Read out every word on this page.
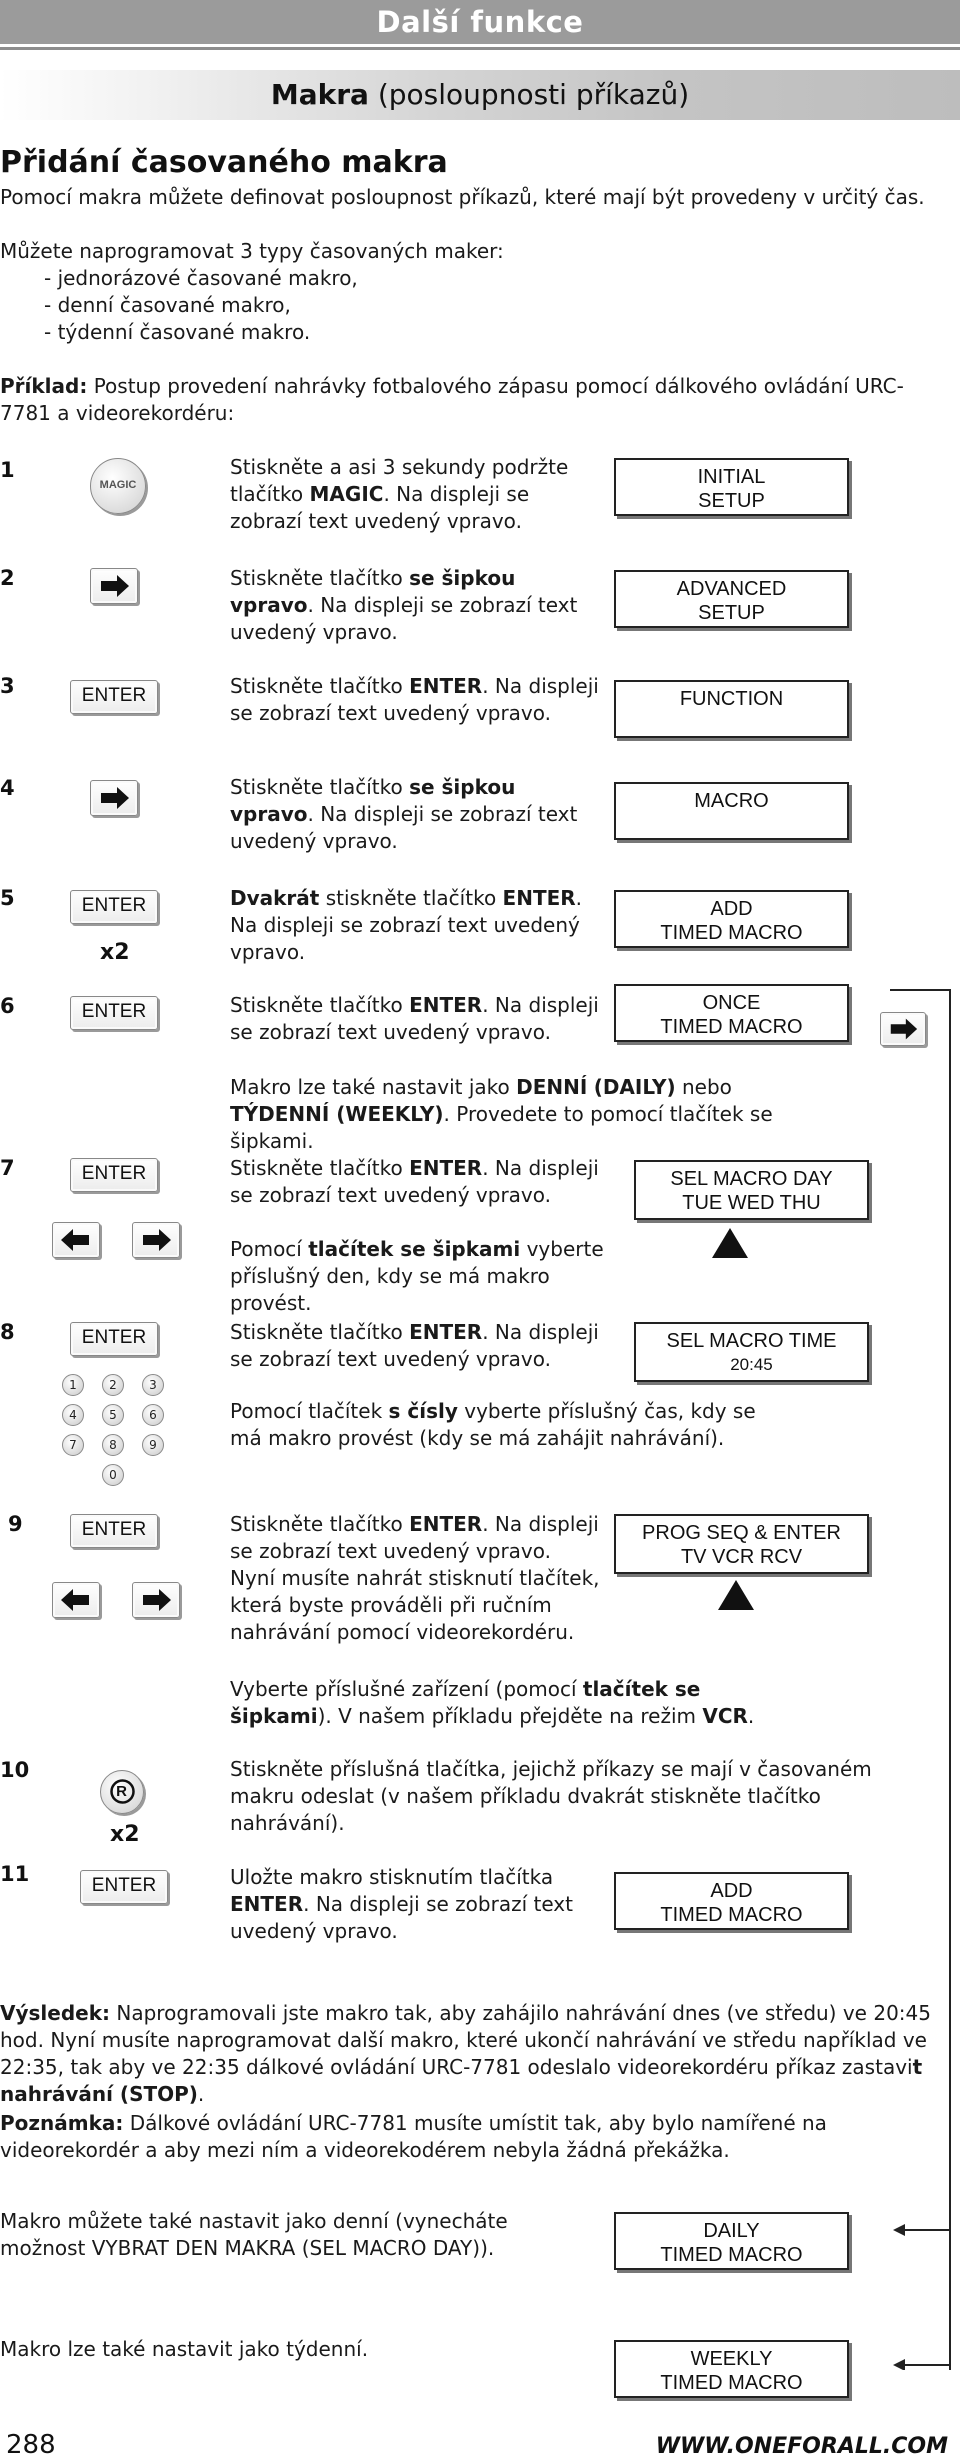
Další funkce
Makra (posloupnosti příkazů)
Přidání časovaného makra
Pomocí makra můžete definovat posloupnost příkazů, které mají být provedeny v určitý čas.
Můžete naprogramovat 3 typy časovaných maker:
- jednorázové časované makro,
- denní časované makro,
- týdenní časované makro.
Příklad: Postup provedení nahrávky fotbalového zápasu pomocí dálkového ovládání URC-7781 a videorekordéru:
1
MAGIC
Stiskněte a asi 3 sekundy podržte tlačítko MAGIC. Na displeji se zobrazí text uvedený vpravo.
INITIAL
SETUP
2	Stiskněte tlačítko se šipkou vpravo. Na displeji se zobrazí text uvedený vpravo.
ADVANCED
SETUP
3	ENTER	Stiskněte tlačítko ENTER. Na displeji se zobrazí text uvedený vpravo.
FUNCTION
4	Stiskněte tlačítko se šipkou vpravo. Na displeji se zobrazí text uvedený vpravo.
MACRO
5	ENTER
x2
Dvakrát stiskněte tlačítko ENTER. Na displeji se zobrazí text uvedený vpravo.
ADD
TIMED MACRO
6	ENTER	Stiskněte tlačítko ENTER. Na displeji se zobrazí text uvedený vpravo.
ONCE
TIMED MACRO
Makro lze také nastavit jako DENNÍ (DAILY) nebo TÝDENNÍ (WEEKLY). Provedete to pomocí tlačítek se šipkami.
7	ENTER	Stiskněte tlačítko ENTER. Na displeji se zobrazí text uvedený vpravo.
SEL MACRO DAY
TUE WED THU
Pomocí tlačítek se šipkami vyberte příslušný den, kdy se má makro provést.
8	ENTER	Stiskněte tlačítko ENTER. Na displeji se zobrazí text uvedený vpravo.
SEL MACRO TIME
20:45
1	2	3
4	5	6
7	8	9
0
Pomocí tlačítek s čísly vyberte příslušný čas, kdy se má makro provést (kdy se má zahájit nahrávání).
9	ENTER	Stiskněte tlačítko ENTER. Na displeji se zobrazí text uvedený vpravo. Nyní musíte nahrát stisknutí tlačítek, která byste prováděli při ručním nahrávání pomocí videorekordéru.
PROG SEQ & ENTER
TV VCR RCV
Vyberte příslušné zařízení (pomocí tlačítek se šipkami). V našem příkladu přejděte na režim VCR.
10
R
x2
Stiskněte příslušná tlačítka, jejichž příkazy se mají v časovaném makru odeslat (v našem příkladu dvakrát stiskněte tlačítko nahrávání).
11	ENTER	Uložte makro stisknutím tlačítka ENTER. Na displeji se zobrazí text uvedený vpravo.
ADD
TIMED MACRO
Výsledek: Naprogramovali jste makro tak, aby zahájilo nahrávání dnes (ve středu) ve 20:45 hod. Nyní musíte naprogramovat další makro, které ukončí nahrávání ve středu například ve 22:35, tak aby ve 22:35 dálkové ovládání URC-7781 odeslalo videorekordéru příkaz zastavit nahrávání (STOP).
Poznámka: Dálkové ovládání URC-7781 musíte umístit tak, aby bylo namířené na videorekordér a aby mezi ním a videorekodérem nebyla žádná překážka.
Makro můžete také nastavit jako denní (vynecháte možnost VYBRAT DEN MAKRA (SEL MACRO DAY)).
DAILY
TIMED MACRO
Makro lze také nastavit jako týdenní.	WEEKLY
TIMED MACRO
288	WWW.ONEFORALL.COM
